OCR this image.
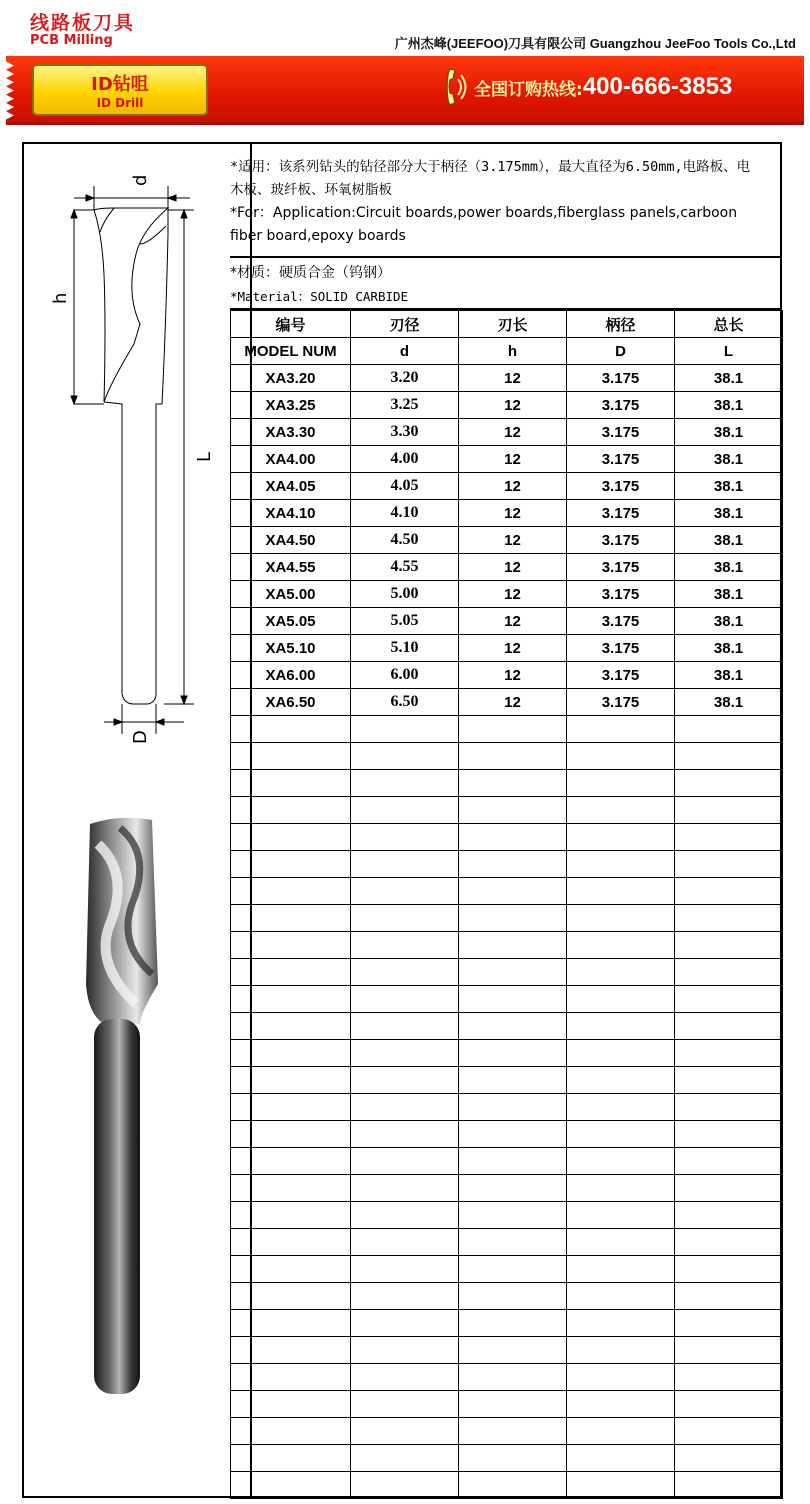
线路板刀具
PCB Milling	广州杰峰(JEEFOO)刀具有限公司 Guangzhou JeeFoo Tools Co.,Ltd
ID钻咀
ID Drill
全国订购热线: 400-666-3853
d
h
L
D
*适用：该系列钻头的钻径部分大于柄径（3.175mm），最大直径为6.50mm,电路板、电木板、玻纤板、环氧树脂板
*For：Application:Circuit boards,power boards,fiberglass panels,carboon fiber board,epoxy boards
*材质：硬质合金（钨钢）
*Material：SOLID CARBIDE
编号	刃径	刃长	柄径	总长
MODEL NUM	d	h	D	L
XA3.20	3.20	12	3.175	38.1
XA3.25	3.25	12	3.175	38.1
XA3.30	3.30	12	3.175	38.1
XA4.00	4.00	12	3.175	38.1
XA4.05	4.05	12	3.175	38.1
XA4.10	4.10	12	3.175	38.1
XA4.50	4.50	12	3.175	38.1
XA4.55	4.55	12	3.175	38.1
XA5.00	5.00	12	3.175	38.1
XA5.05	5.05	12	3.175	38.1
XA5.10	5.10	12	3.175	38.1
XA6.00	6.00	12	3.175	38.1
XA6.50	6.50	12	3.175	38.1
